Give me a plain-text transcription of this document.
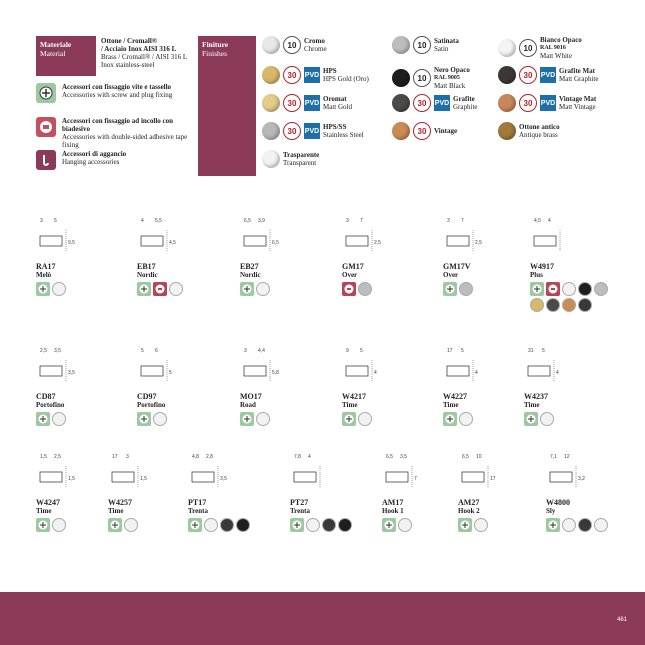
Materiale
Material
Ottone / Cromall®
/ Acciaio Inox AISI 316 L
Brass / Cromall® / AISI 316 L
Inox stainless-steel
Finiture
Finishes
Accessori con fissaggio vite e tassello
Accessories with screw and plug fixing
Accessori con fissaggio ad incollo con biadesivo
Accessories with double-sided adhesive tape fixing
Accessori di aggancio
Hanging accessories
10	Cromo
Chrome
30	PVD HPS
HPS Gold (Oro)
30	PVD Oromat
Matt Gold
30	PVD HPS/SS
Stainless Steel
Trasparente
Transparent
10	Satinata
Satin
10
Nero Opaco
RAL 9005
Matt Black
30	PVD Grafite
Graphite
30	Vintage
10
Bianco Opaco
RAL 9016
Matt White
30	PVD Grafite Mat
Matt Graphite
30	PVD Vintage Mat
Matt Vintage
Ottone antico
Antique brass
3 5
9,5
RA17
Melò
4 5,5
4,5
EB17
Nordic
6,5 3,9
6,5
EB27
Nordic
3 7
2,5
GM17
Over
3 7
2,5
GM17V
Over
4,5 4
W4917
Plus
2,5 3,5
3,5
CD87
Portofino
5 6
5
CD97
Portofino
3 4,4
5,8
MO17
Road
9 5
4
W4217
Time
17 5
4
W4227
Time
31 5
4
W4237
Time
1,5 2,5
1,5
W4247
Time
17 3
1,5
W4257
Time
4,8 2,8
3,5
PT17
Trenta
7,8 4
PT27
Trenta
6,5 3,5
7
AM17
Hook 1
6,5 10
17
AM27
Hook 2
7,1 12
3,2
W4800
Sly
461
